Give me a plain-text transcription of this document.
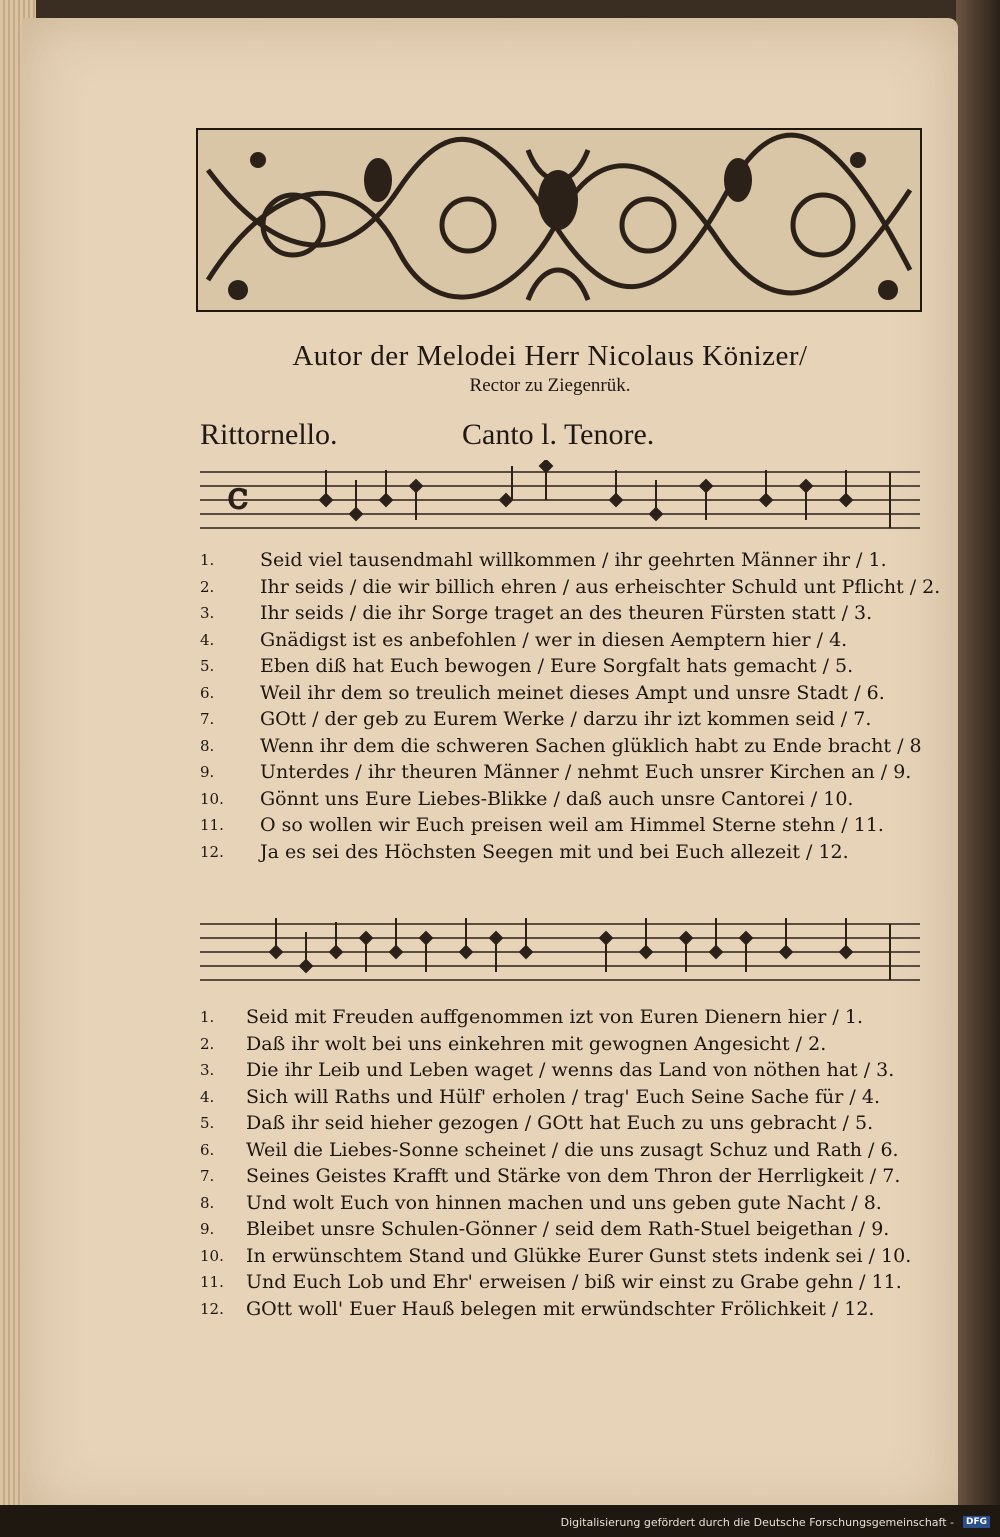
Autor der Melodei Herr Nicolaus Könizer/
Rector zu Ziegenrük.
Rittornello.	Canto l. Tenore.
C
1.	Seid viel tausendmahl willkommen / ihr geehrten Männer ihr / 1.
2.	Ihr seids / die wir billich ehren / aus erheischter Schuld unt Pflicht / 2.
3.	Ihr seids / die ihr Sorge traget an des theuren Fürsten statt / 3.
4.	Gnädigst ist es anbefohlen / wer in diesen Aemptern hier / 4.
5.	Eben diß hat Euch bewogen / Eure Sorgfalt hats gemacht / 5.
6.	Weil ihr dem so treulich meinet dieses Ampt und unsre Stadt / 6.
7.	GOtt / der geb zu Eurem Werke / darzu ihr izt kommen seid / 7.
8.	Wenn ihr dem die schweren Sachen glüklich habt zu Ende bracht / 8
9.	Unterdes / ihr theuren Männer / nehmt Euch unsrer Kirchen an / 9.
10.	Gönnt uns Eure Liebes-Blikke / daß auch unsre Cantorei / 10.
11.	O so wollen wir Euch preisen weil am Himmel Sterne stehn / 11.
12.	Ja es sei des Höchsten Seegen mit und bei Euch allezeit / 12.
1.	Seid mit Freuden auffgenommen izt von Euren Dienern hier / 1.
2.	Daß ihr wolt bei uns einkehren mit gewognen Angesicht / 2.
3.	Die ihr Leib und Leben waget / wenns das Land von nöthen hat / 3.
4.	Sich will Raths und Hülf' erholen / trag' Euch Seine Sache für / 4.
5.	Daß ihr seid hieher gezogen / GOtt hat Euch zu uns gebracht / 5.
6.	Weil die Liebes-Sonne scheinet / die uns zusagt Schuz und Rath / 6.
7.	Seines Geistes Krafft und Stärke von dem Thron der Herrligkeit / 7.
8.	Und wolt Euch von hinnen machen und uns geben gute Nacht / 8.
9.	Bleibet unsre Schulen-Gönner / seid dem Rath-Stuel beigethan / 9.
10.	In erwünschtem Stand und Glükke Eurer Gunst stets indenk sei / 10.
11.	Und Euch Lob und Ehr' erweisen / biß wir einst zu Grabe gehn / 11.
12.	GOtt woll' Euer Hauß belegen mit erwündschter Frölichkeit / 12.
Digitalisierung gefördert durch die Deutsche Forschungsgemeinschaft -	DFG
